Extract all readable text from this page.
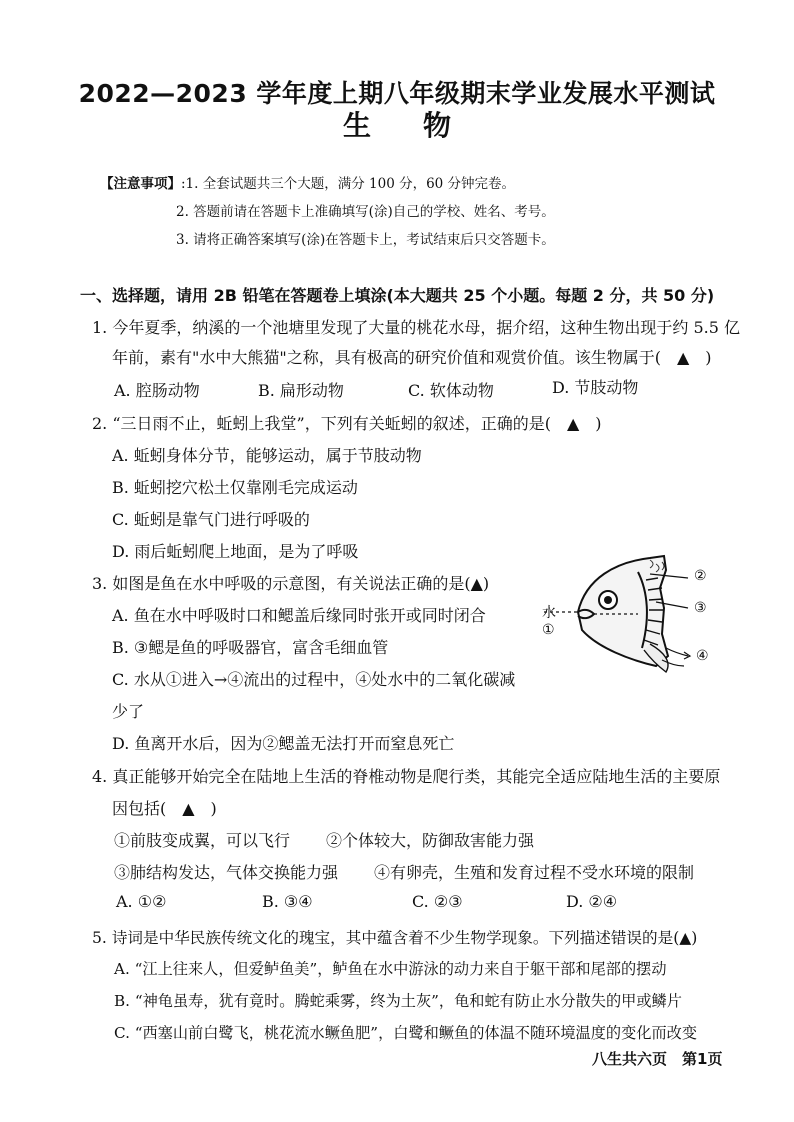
2022—2023 学年度上期八年级期末学业发展水平测试
生物
【注意事项】:1. 全套试题共三个大题，满分 100 分，60 分钟完卷。
2. 答题前请在答题卡上准确填写(涂)自己的学校、姓名、考号。
3. 请将正确答案填写(涂)在答题卡上，考试结束后只交答题卡。
一、选择题，请用 2B 铅笔在答题卷上填涂(本大题共 25 个小题。每题 2 分，共 50 分)
1. 今年夏季，纳溪的一个池塘里发现了大量的桃花水母，据介绍，这种生物出现于约 5.5 亿
年前，素有"水中大熊猫"之称，具有极高的研究价值和观赏价值。该生物属于(　▲　)
A. 腔肠动物	B. 扁形动物	C. 软体动物	D. 节肢动物
2. “三日雨不止，蚯蚓上我堂”，下列有关蚯蚓的叙述，正确的是(　▲　)
A. 蚯蚓身体分节，能够运动，属于节肢动物
B. 蚯蚓挖穴松土仅靠刚毛完成运动
C. 蚯蚓是靠气门进行呼吸的
D. 雨后蚯蚓爬上地面，是为了呼吸
3. 如图是鱼在水中呼吸的示意图，有关说法正确的是(▲)
A. 鱼在水中呼吸时口和鳃盖后缘同时张开或同时闭合
B. ③鳃是鱼的呼吸器官，富含毛细血管
C. 水从①进入→④流出的过程中，④处水中的二氧化碳减
少了
D. 鱼离开水后，因为②鳃盖无法打开而窒息死亡
水
①
②
③
④
4. 真正能够开始完全在陆地上生活的脊椎动物是爬行类，其能完全适应陆地生活的主要原
因包括(　▲　)
①前肢变成翼，可以飞行 ②个体较大，防御敌害能力强
③肺结构发达，气体交换能力强 ④有卵壳，生殖和发育过程不受水环境的限制
A. ①②	B. ③④	C. ②③	D. ②④
5. 诗词是中华民族传统文化的瑰宝，其中蕴含着不少生物学现象。下列描述错误的是(▲)
A. “江上往来人，但爱鲈鱼美”，鲈鱼在水中游泳的动力来自于躯干部和尾部的摆动
B. “神龟虽寿，犹有竟时。腾蛇乘雾，终为土灰”，龟和蛇有防止水分散失的甲或鳞片
C. “西塞山前白鹭飞，桃花流水鳜鱼肥”，白鹭和鳜鱼的体温不随环境温度的变化而改变
八生共六页　第1页
